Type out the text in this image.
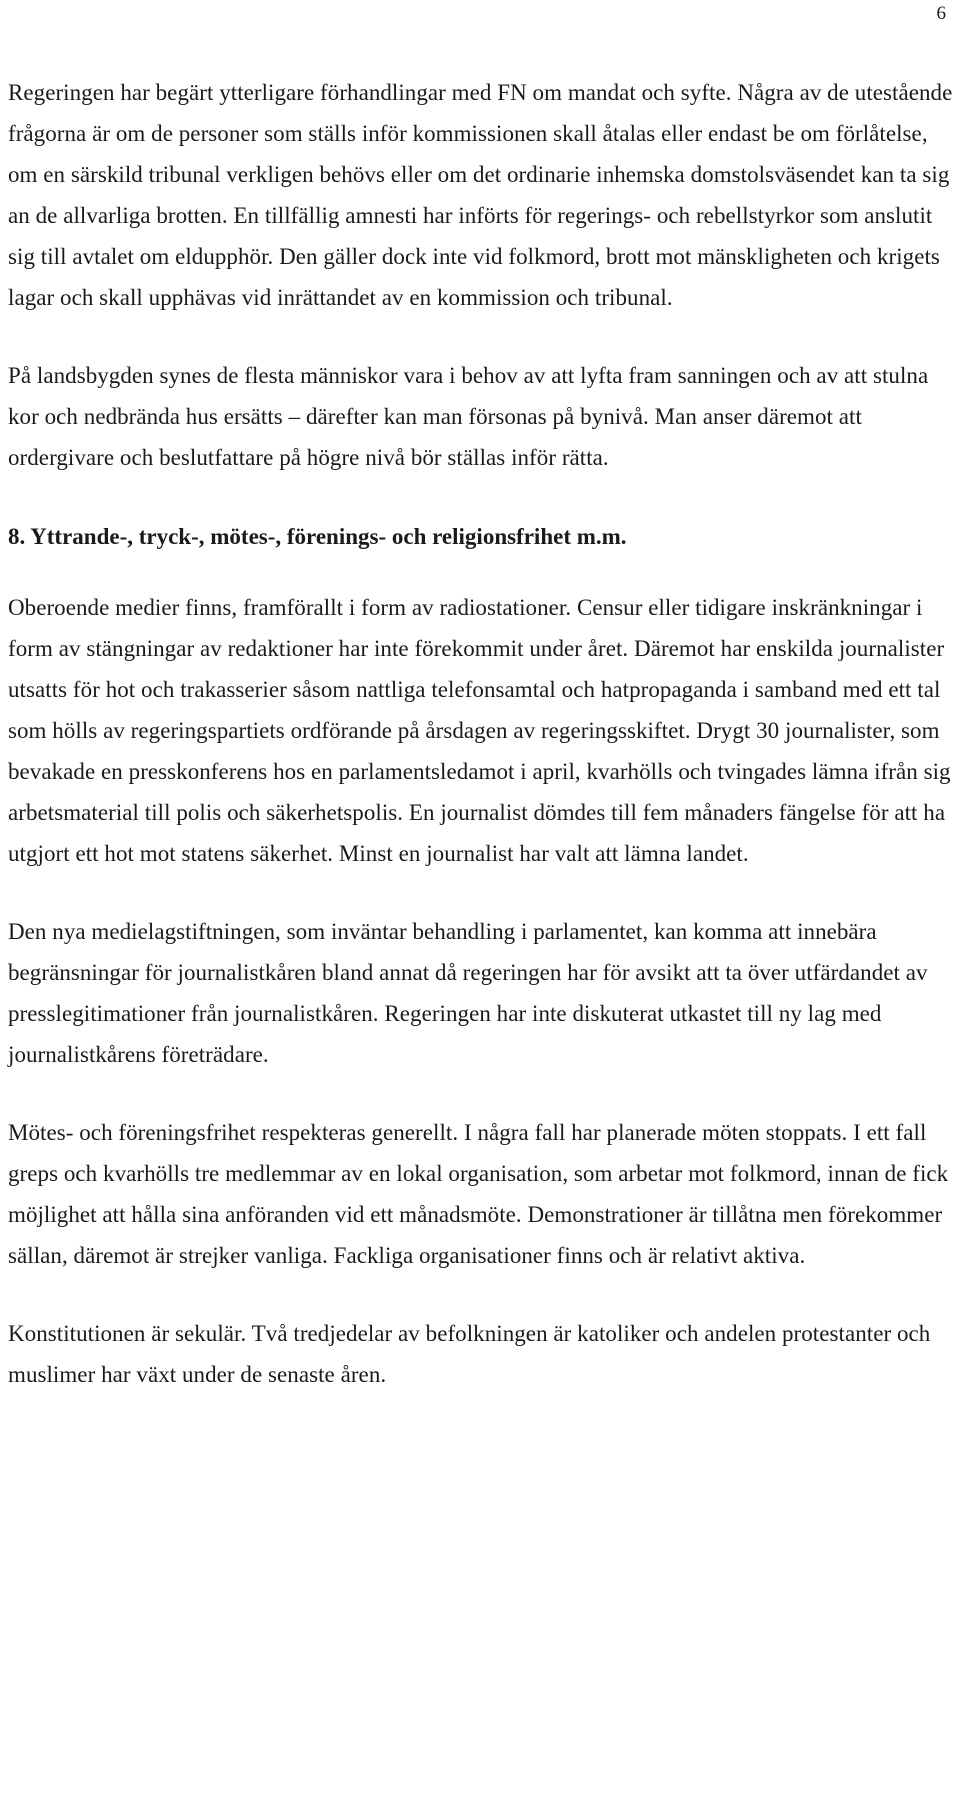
6

Regeringen har begärt ytterligare förhandlingar med FN om mandat och syfte. Några av de utestående frågorna är om de personer som ställs inför kommissionen skall åtalas eller endast be om förlåtelse, om en särskild tribunal verkligen behövs eller om det ordinarie inhemska domstolsväsendet kan ta sig an de allvarliga brotten. En tillfällig amnesti har införts för regerings- och rebellstyrkor som anslutit sig till avtalet om eldupphör. Den gäller dock inte vid folkmord, brott mot mänskligheten och krigets lagar och skall upphävas vid inrättandet av en kommission och tribunal.

På landsbygden synes de flesta människor vara i behov av att lyfta fram sanningen och av att stulna kor och nedbrända hus ersätts – därefter kan man försonas på bynivå. Man anser däremot att ordergivare och beslutfattare på högre nivå bör ställas inför rätta.

8. Yttrande-, tryck-, mötes-, förenings- och religionsfrihet m.m.

Oberoende medier finns, framförallt i form av radiostationer. Censur eller tidigare inskränkningar i form av stängningar av redaktioner har inte förekommit under året. Däremot har enskilda journalister utsatts för hot och trakasserier såsom nattliga telefonsamtal och hatpropaganda i samband med ett tal som hölls av regeringspartiets ordförande på årsdagen av regeringsskiftet. Drygt 30 journalister, som bevakade en presskonferens hos en parlamentsledamot i april, kvarhölls och tvingades lämna ifrån sig arbetsmaterial till polis och säkerhetspolis. En journalist dömdes till fem månaders fängelse för att ha utgjort ett hot mot statens säkerhet. Minst en journalist har valt att lämna landet.

Den nya medielagstiftningen, som inväntar behandling i parlamentet, kan komma att innebära begränsningar för journalistkåren bland annat då regeringen har för avsikt att ta över utfärdandet av presslegitimationer från journalistkåren. Regeringen har inte diskuterat utkastet till ny lag med journalistkårens företrädare.

Mötes- och föreningsfrihet respekteras generellt. I några fall har planerade möten stoppats. I ett fall greps och kvarhölls tre medlemmar av en lokal organisation, som arbetar mot folkmord, innan de fick möjlighet att hålla sina anföranden vid ett månadsmöte. Demonstrationer är tillåtna men förekommer sällan, däremot är strejker vanliga. Fackliga organisationer finns och är relativt aktiva.

Konstitutionen är sekulär. Två tredjedelar av befolkningen är katoliker och andelen protestanter och muslimer har växt under de senaste åren.
